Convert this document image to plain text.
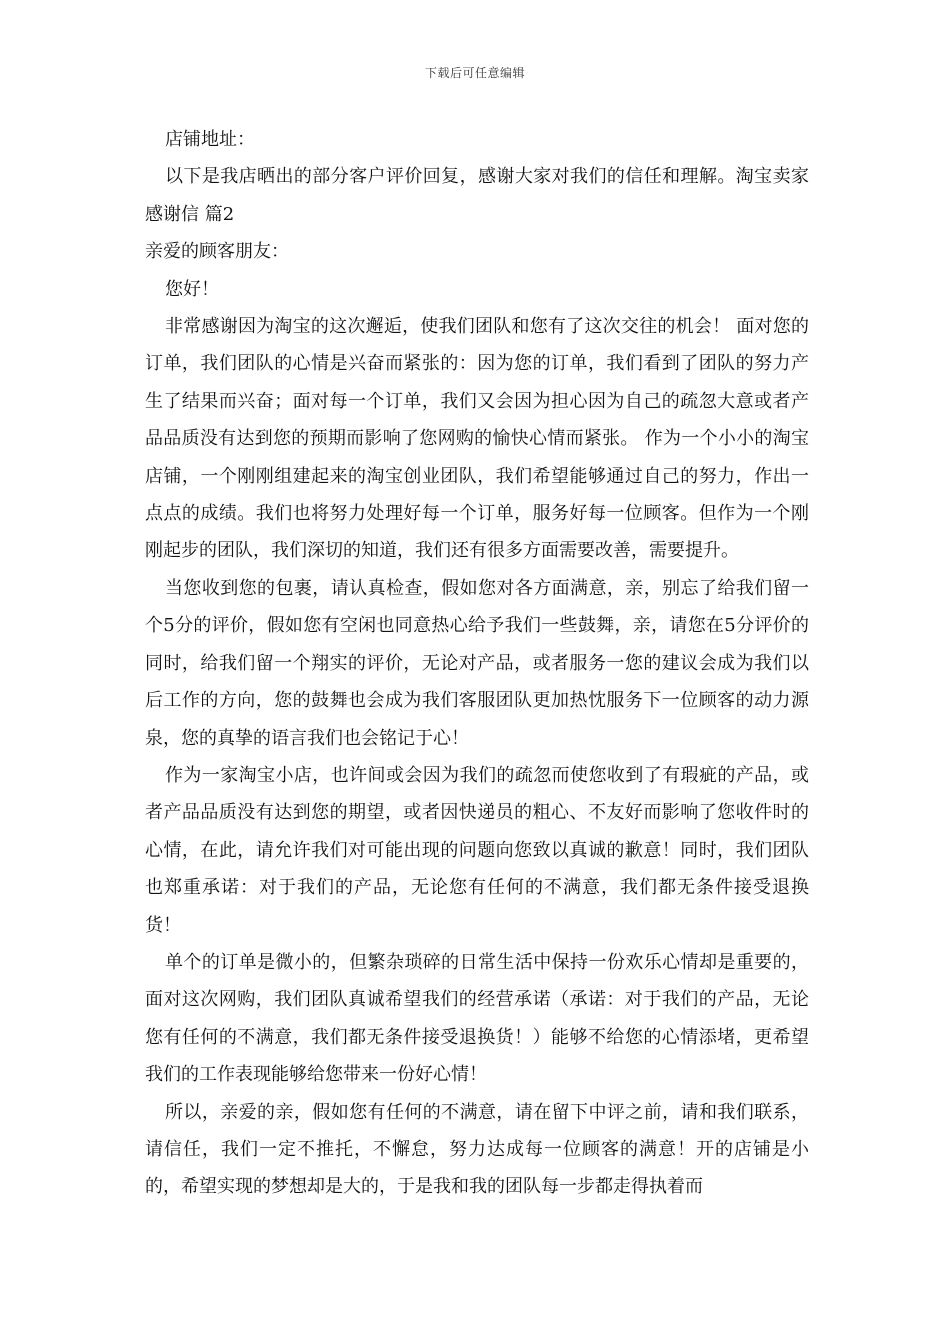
下载后可任意编辑

店铺地址：

以下是我店晒出的部分客户评价回复，感谢大家对我们的信任和理解。淘宝卖家感谢信 篇2

亲爱的顾客朋友：

您好！

非常感谢因为淘宝的这次邂逅，使我们团队和您有了这次交往的机会！ 面对您的订单，我们团队的心情是兴奋而紧张的：因为您的订单，我们看到了团队的努力产生了结果而兴奋；面对每一个订单，我们又会因为担心因为自己的疏忽大意或者产品品质没有达到您的预期而影响了您网购的愉快心情而紧张。 作为一个小小的淘宝店铺，一个刚刚组建起来的淘宝创业团队，我们希望能够通过自己的努力，作出一点点的成绩。我们也将努力处理好每一个订单，服务好每一位顾客。但作为一个刚刚起步的团队，我们深切的知道，我们还有很多方面需要改善，需要提升。

当您收到您的包裹，请认真检查，假如您对各方面满意，亲，别忘了给我们留一个5分的评价，假如您有空闲也同意热心给予我们一些鼓舞，亲，请您在5分评价的同时，给我们留一个翔实的评价，无论对产品，或者服务一您的建议会成为我们以后工作的方向，您的鼓舞也会成为我们客服团队更加热忱服务下一位顾客的动力源泉，您的真挚的语言我们也会铭记于心！

作为一家淘宝小店，也许间或会因为我们的疏忽而使您收到了有瑕疵的产品，或者产品品质没有达到您的期望，或者因快递员的粗心、不友好而影响了您收件时的心情，在此，请允许我们对可能出现的问题向您致以真诚的歉意！同时，我们团队也郑重承诺：对于我们的产品，无论您有任何的不满意，我们都无条件接受退换货！

单个的订单是微小的，但繁杂琐碎的日常生活中保持一份欢乐心情却是重要的，面对这次网购，我们团队真诚希望我们的经营承诺（承诺：对于我们的产品，无论您有任何的不满意，我们都无条件接受退换货！）能够不给您的心情添堵，更希望我们的工作表现能够给您带来一份好心情！

所以，亲爱的亲，假如您有任何的不满意，请在留下中评之前，请和我们联系，请信任，我们一定不推托，不懈怠，努力达成每一位顾客的满意！开的店铺是小的，希望实现的梦想却是大的，于是我和我的团队每一步都走得执着而
